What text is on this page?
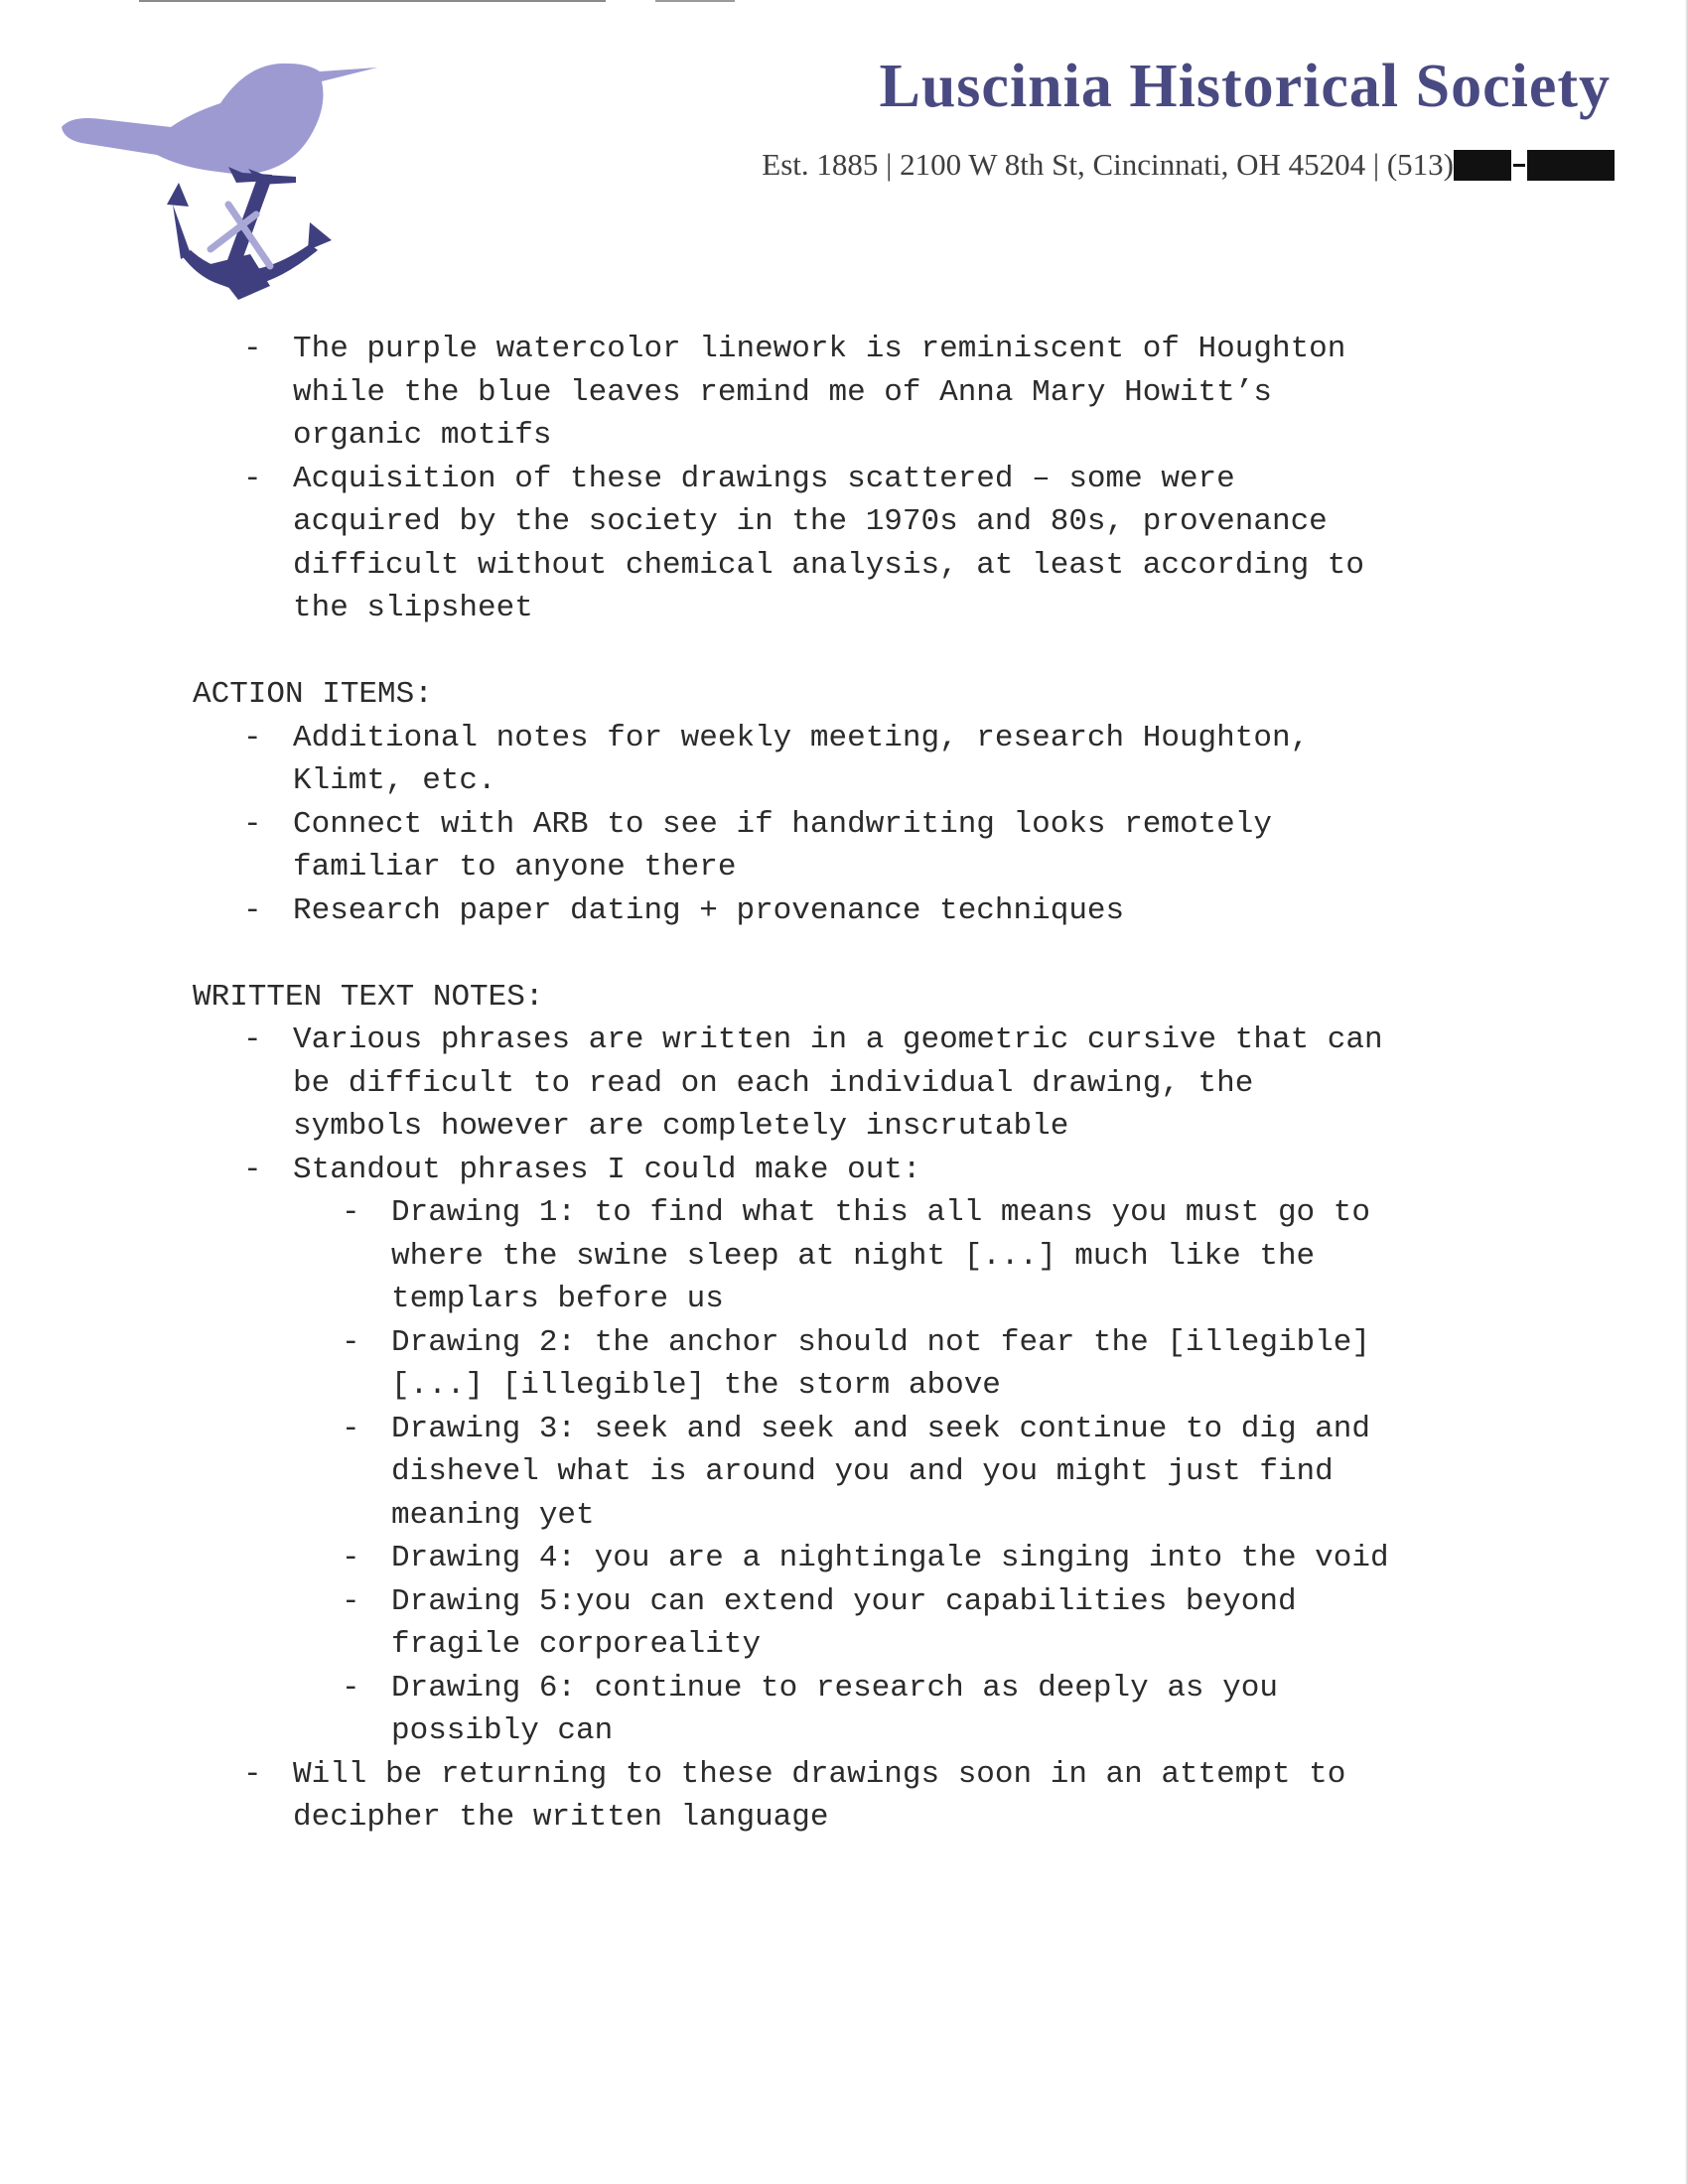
Luscinia Historical Society
Est. 1885 | 2100 W 8th St, Cincinnati, OH 45204 | (513)

- The purple watercolor linework is reminiscent of Houghton
while the blue leaves remind me of Anna Mary Howitt’s
organic motifs

- Acquisition of these drawings scattered – some were
acquired by the society in the 1970s and 80s, provenance
difficult without chemical analysis, at least according to
the slipsheet

ACTION ITEMS:

- Additional notes for weekly meeting, research Houghton,
Klimt, etc.

- Connect with ARB to see if handwriting looks remotely
familiar to anyone there

- Research paper dating + provenance techniques

WRITTEN TEXT NOTES:

- Various phrases are written in a geometric cursive that can
be difficult to read on each individual drawing, the
symbols however are completely inscrutable

- Standout phrases I could make out:

- Drawing 1: to find what this all means you must go to
where the swine sleep at night [...] much like the
templars before us

- Drawing 2: the anchor should not fear the [illegible]
[...] [illegible] the storm above

- Drawing 3: seek and seek and seek continue to dig and
dishevel what is around you and you might just find
meaning yet

- Drawing 4: you are a nightingale singing into the void

- Drawing 5:you can extend your capabilities beyond
fragile corporeality

- Drawing 6: continue to research as deeply as you
possibly can

- Will be returning to these drawings soon in an attempt to
decipher the written language
